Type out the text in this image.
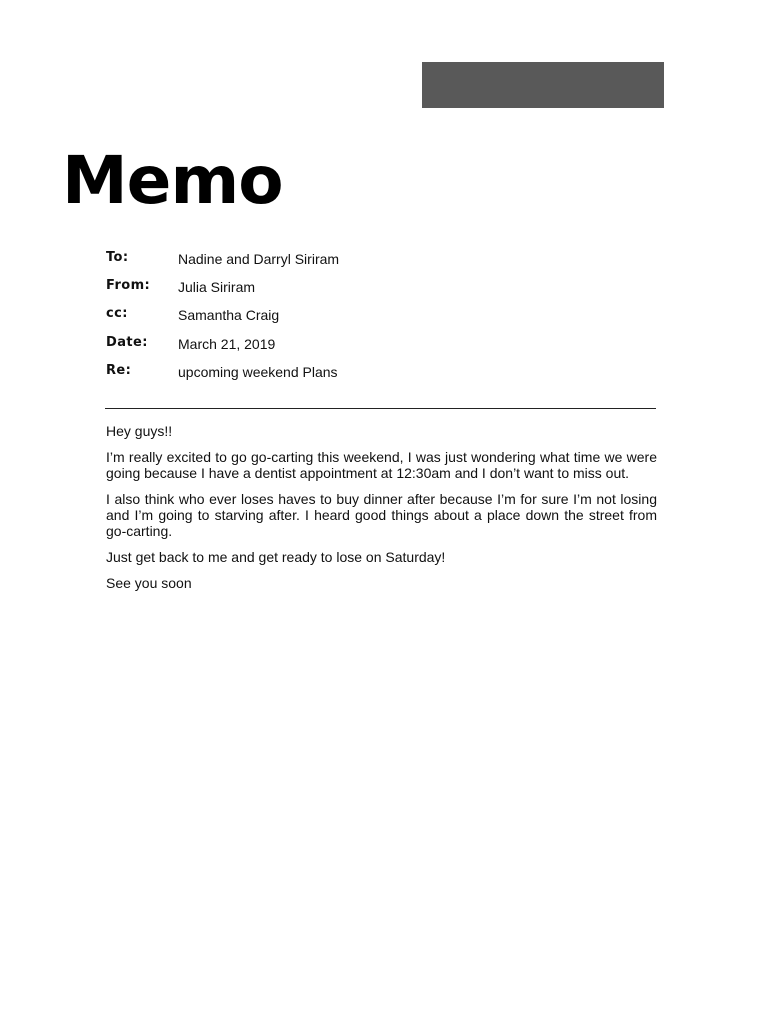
Memo
To:	Nadine and Darryl Siriram
From: Julia Siriram
cc:	Samantha Craig
Date: March 21, 2019
Re:	upcoming weekend Plans

Hey guys!!

I’m really excited to go go-carting this weekend, I was just wondering what time we were going because I have a dentist appointment at 12:30am and I don’t want to miss out.

I also think who ever loses haves to buy dinner after because I’m for sure I’m not losing and I’m going to starving after. I heard good things about a place down the street from go-carting.

Just get back to me and get ready to lose on Saturday!

See you soon
